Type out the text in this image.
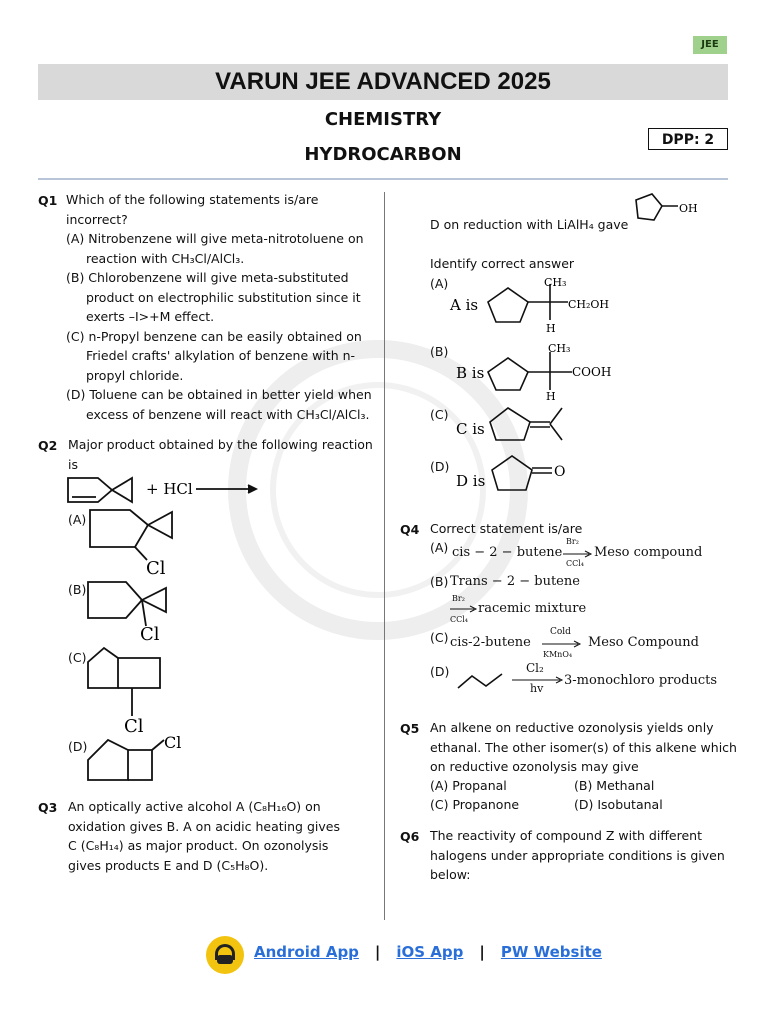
JEE
VARUN JEE ADVANCED 2025
CHEMISTRY
HYDROCARBON
DPP: 2
Q1 Which of the following statements is/are
incorrect?
(A) Nitrobenzene will give meta-nitrotoluene on
reaction with CH₃Cl/AlCl₃.
(B) Chlorobenzene will give meta-substituted
product on electrophilic substitution since it
exerts –I>+M effect.
(C) n-Propyl benzene can be easily obtained on
Friedel crafts' alkylation of benzene with n-
propyl chloride.
(D) Toluene can be obtained in better yield when
excess of benzene will react with CH₃Cl/AlCl₃.
Q2 Major product obtained by the following reaction
is
+ HCl
Cl
Cl
Cl
Cl
(A)
(B)
(C)
(D)
Q3 An optically active alcohol A (C₈H₁₆O) on
oxidation gives B. A on acidic heating gives
C (C₈H₁₄) as major product. On ozonolysis
gives products E and D (C₅H₈O).
D on reduction with LiAlH₄ gave
OH
Identify correct answer
(A)
(B)
(C)
(D)
A is
CH₃
CH₂OH
H
B is
CH₃
COOH
H
C is
D is	O
Q4 Correct statement is/are
(A) cis − 2 − butene
Br₂
CCl₄
Meso compound
(B) Trans − 2 − butene
Br₂
CCl₄
racemic mixture
(C) cis-2-butene
Cold
KMnO₄
Meso Compound
(D)	Cl₂
hv
3-monochloro products
Q5 An alkene on reductive ozonolysis yields only
ethanal. The other isomer(s) of this alkene which
on reductive ozonolysis may give
(A) Propanal	(B) Methanal
(C) Propanone	(D) Isobutanal
Q6 The reactivity of compound Z with different
halogens under appropriate conditions is given
below:
Android App | iOS App | PW Website
